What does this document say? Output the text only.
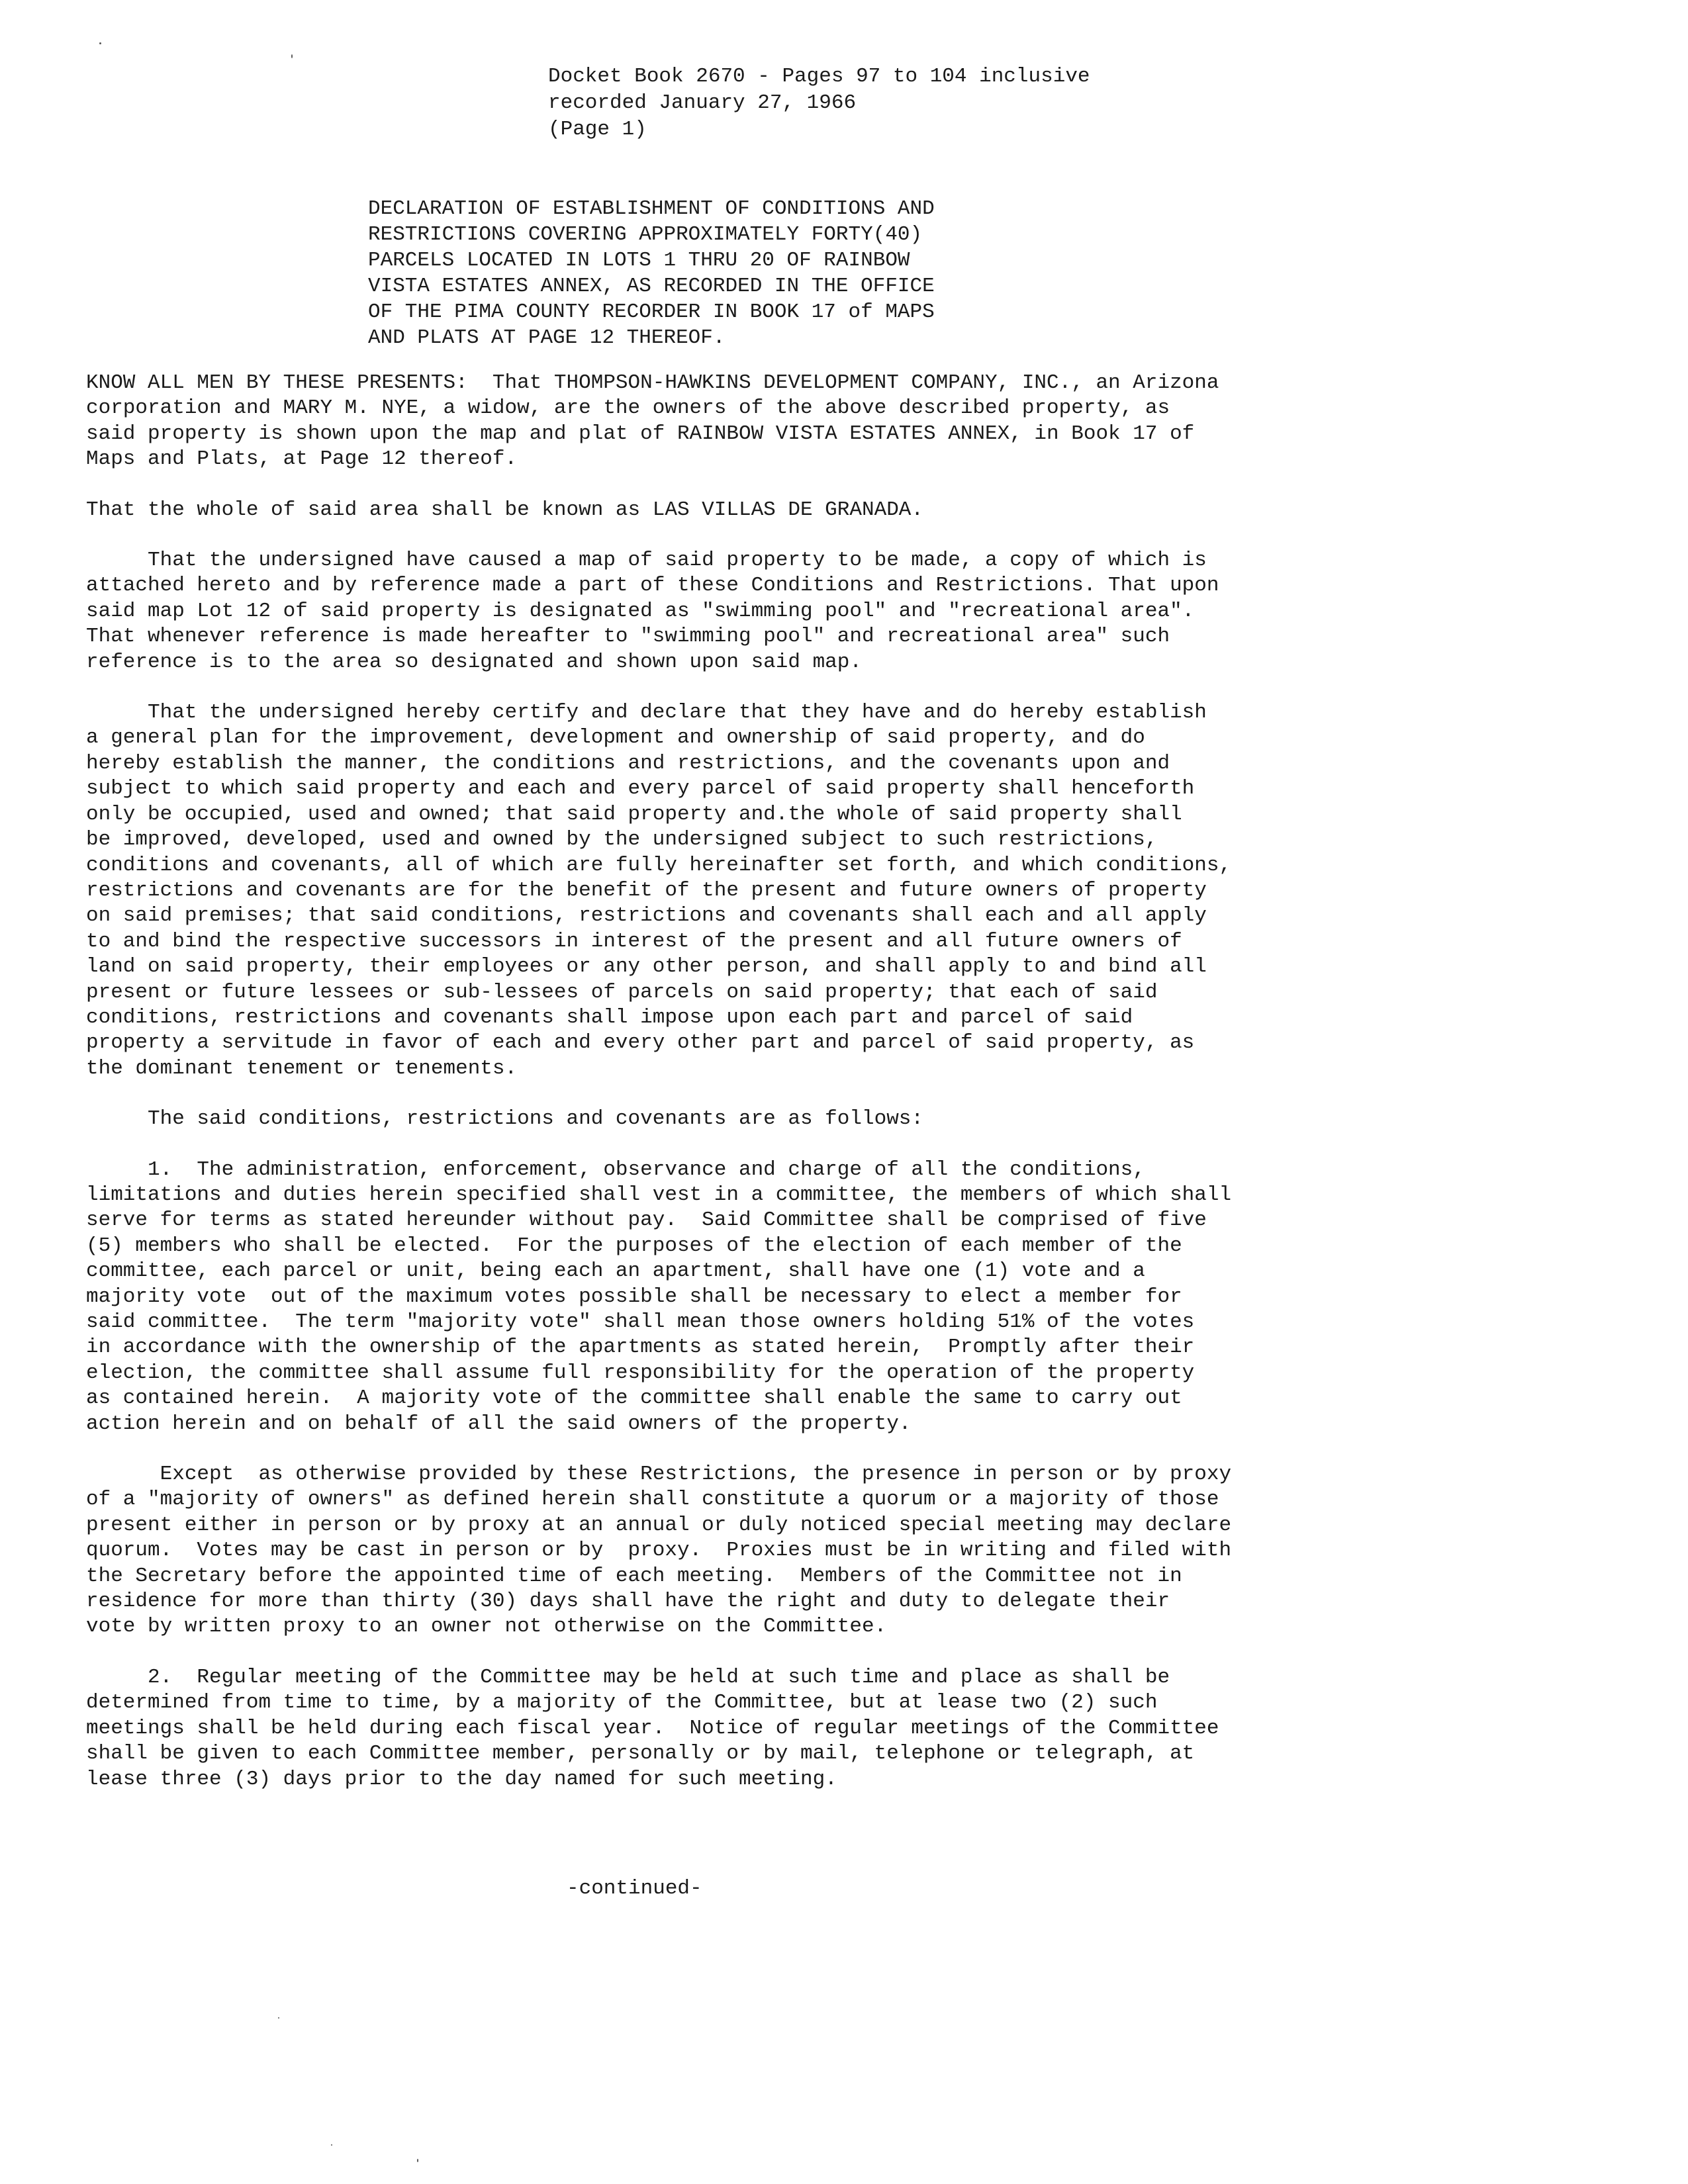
Docket Book 2670 - Pages 97 to 104 inclusive
recorded January 27, 1966
(Page 1)
DECLARATION OF ESTABLISHMENT OF CONDITIONS AND
RESTRICTIONS COVERING APPROXIMATELY FORTY(40)
PARCELS LOCATED IN LOTS 1 THRU 20 OF RAINBOW
VISTA ESTATES ANNEX, AS RECORDED IN THE OFFICE
OF THE PIMA COUNTY RECORDER IN BOOK 17 of MAPS
AND PLATS AT PAGE 12 THEREOF.
KNOW ALL MEN BY THESE PRESENTS:  That THOMPSON-HAWKINS DEVELOPMENT COMPANY, INC., an Arizona
corporation and MARY M. NYE, a widow, are the owners of the above described property, as
said property is shown upon the map and plat of RAINBOW VISTA ESTATES ANNEX, in Book 17 of
Maps and Plats, at Page 12 thereof.
That the whole of said area shall be known as LAS VILLAS DE GRANADA.
That the undersigned have caused a map of said property to be made, a copy of which is
attached hereto and by reference made a part of these Conditions and Restrictions. That upon
said map Lot 12 of said property is designated as "swimming pool" and "recreational area".
That whenever reference is made hereafter to "swimming pool" and recreational area" such
reference is to the area so designated and shown upon said map.
That the undersigned hereby certify and declare that they have and do hereby establish
a general plan for the improvement, development and ownership of said property, and do
hereby establish the manner, the conditions and restrictions, and the covenants upon and
subject to which said property and each and every parcel of said property shall henceforth
only be occupied, used and owned; that said property and.the whole of said property shall
be improved, developed, used and owned by the undersigned subject to such restrictions,
conditions and covenants, all of which are fully hereinafter set forth, and which conditions,
restrictions and covenants are for the benefit of the present and future owners of property
on said premises; that said conditions, restrictions and covenants shall each and all apply
to and bind the respective successors in interest of the present and all future owners of
land on said property, their employees or any other person, and shall apply to and bind all
present or future lessees or sub-lessees of parcels on said property; that each of said
conditions, restrictions and covenants shall impose upon each part and parcel of said
property a servitude in favor of each and every other part and parcel of said property, as
the dominant tenement or tenements.
The said conditions, restrictions and covenants are as follows:
1.  The administration, enforcement, observance and charge of all the conditions,
limitations and duties herein specified shall vest in a committee, the members of which shall
serve for terms as stated hereunder without pay.  Said Committee shall be comprised of five
(5) members who shall be elected.  For the purposes of the election of each member of the
committee, each parcel or unit, being each an apartment, shall have one (1) vote and a
majority vote  out of the maximum votes possible shall be necessary to elect a member for
said committee.  The term "majority vote" shall mean those owners holding 51% of the votes
in accordance with the ownership of the apartments as stated herein,  Promptly after their
election, the committee shall assume full responsibility for the operation of the property
as contained herein.  A majority vote of the committee shall enable the same to carry out
action herein and on behalf of all the said owners of the property.
Except  as otherwise provided by these Restrictions, the presence in person or by proxy
of a "majority of owners" as defined herein shall constitute a quorum or a majority of those
present either in person or by proxy at an annual or duly noticed special meeting may declare
quorum.  Votes may be cast in person or by  proxy.  Proxies must be in writing and filed with
the Secretary before the appointed time of each meeting.  Members of the Committee not in
residence for more than thirty (30) days shall have the right and duty to delegate their
vote by written proxy to an owner not otherwise on the Committee.
2.  Regular meeting of the Committee may be held at such time and place as shall be
determined from time to time, by a majority of the Committee, but at lease two (2) such
meetings shall be held during each fiscal year.  Notice of regular meetings of the Committee
shall be given to each Committee member, personally or by mail, telephone or telegraph, at
lease three (3) days prior to the day named for such meeting.
-continued-
